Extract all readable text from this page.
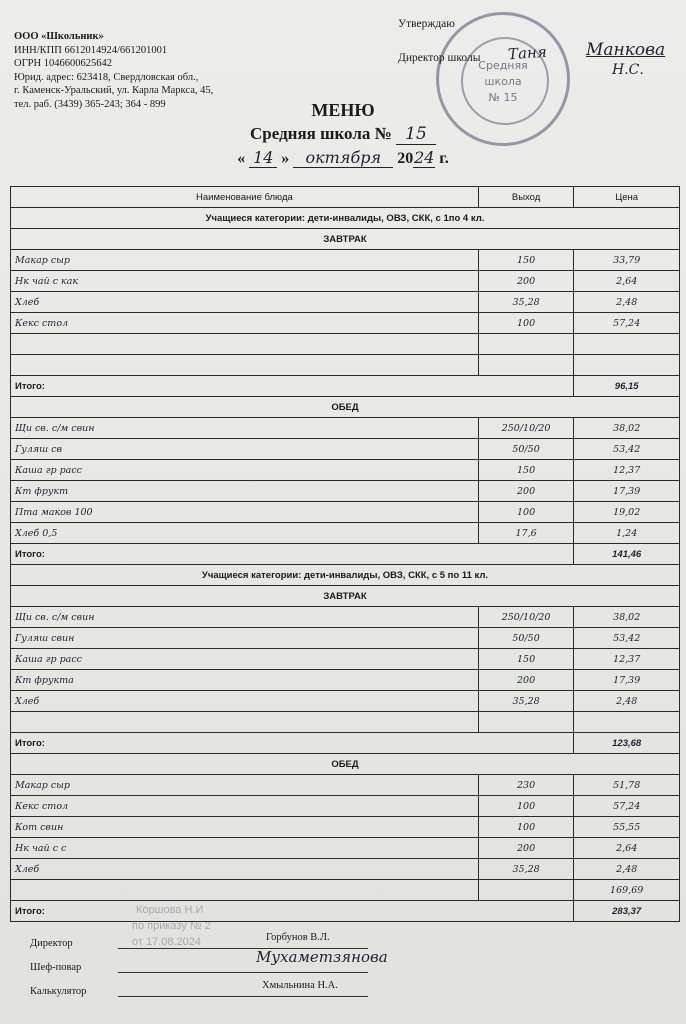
ООО «Школьник»
ИНН/КПП 6612014924/661201001
ОГРН 1046600625642
Юрид. адрес: 623418, Свердловская обл.,
г. Каменск-Уральский, ул. Карла Маркса, 45,
тел. раб. (3439) 365-243; 364 - 899
Средняя
школа
№ 15
Утверждаю
Директор школы Таня Манкова
Н.С.
МЕНЮ
Средняя школа № 15
« 14 » октября 2024 г.
Наименование блюда	Выход	Цена
Учащиеся категории: дети-инвалиды, ОВЗ, СКК, с 1по 4 кл.		
ЗАВТРАК		
Макар сыр	150	33,79
Нк чай с как	200	2,64
Хлеб	35,28	2,48
Кекс стол	100	57,24

Итого:		96,15
ОБЕД		
Щи св. с/м свин	250/10/20	38,02
Гуляш св	50/50	53,42
Каша гр расс	150	12,37
Кт фрукт	200	17,39
Пта маков 100	100	19,02
Хлеб 0,5	17,6	1,24
Итого:		141,46
Учащиеся категории: дети-инвалиды, ОВЗ, СКК, с 5 по 11 кл.		
ЗАВТРАК		
Щи св. с/м свин	250/10/20	38,02
Гуляш свин	50/50	53,42
Каша гр расс	150	12,37
Кт фрукта	200	17,39
Хлеб	35,28	2,48

Итого:		123,68
ОБЕД		
Макар сыр	230	51,78
Кекс стол	100	57,24
Кот свин	100	55,55
Нк чай с с	200	2,64
Хлеб	35,28	2,48
		169,69
Итого:		283,37
Коршова Н.И
по приказу № 2
от 17.08.2024
Директор
Шеф-повар
Калькулятор
Горбунов В.Л.
Мухаметзянова
Хмыльнина Н.А.
